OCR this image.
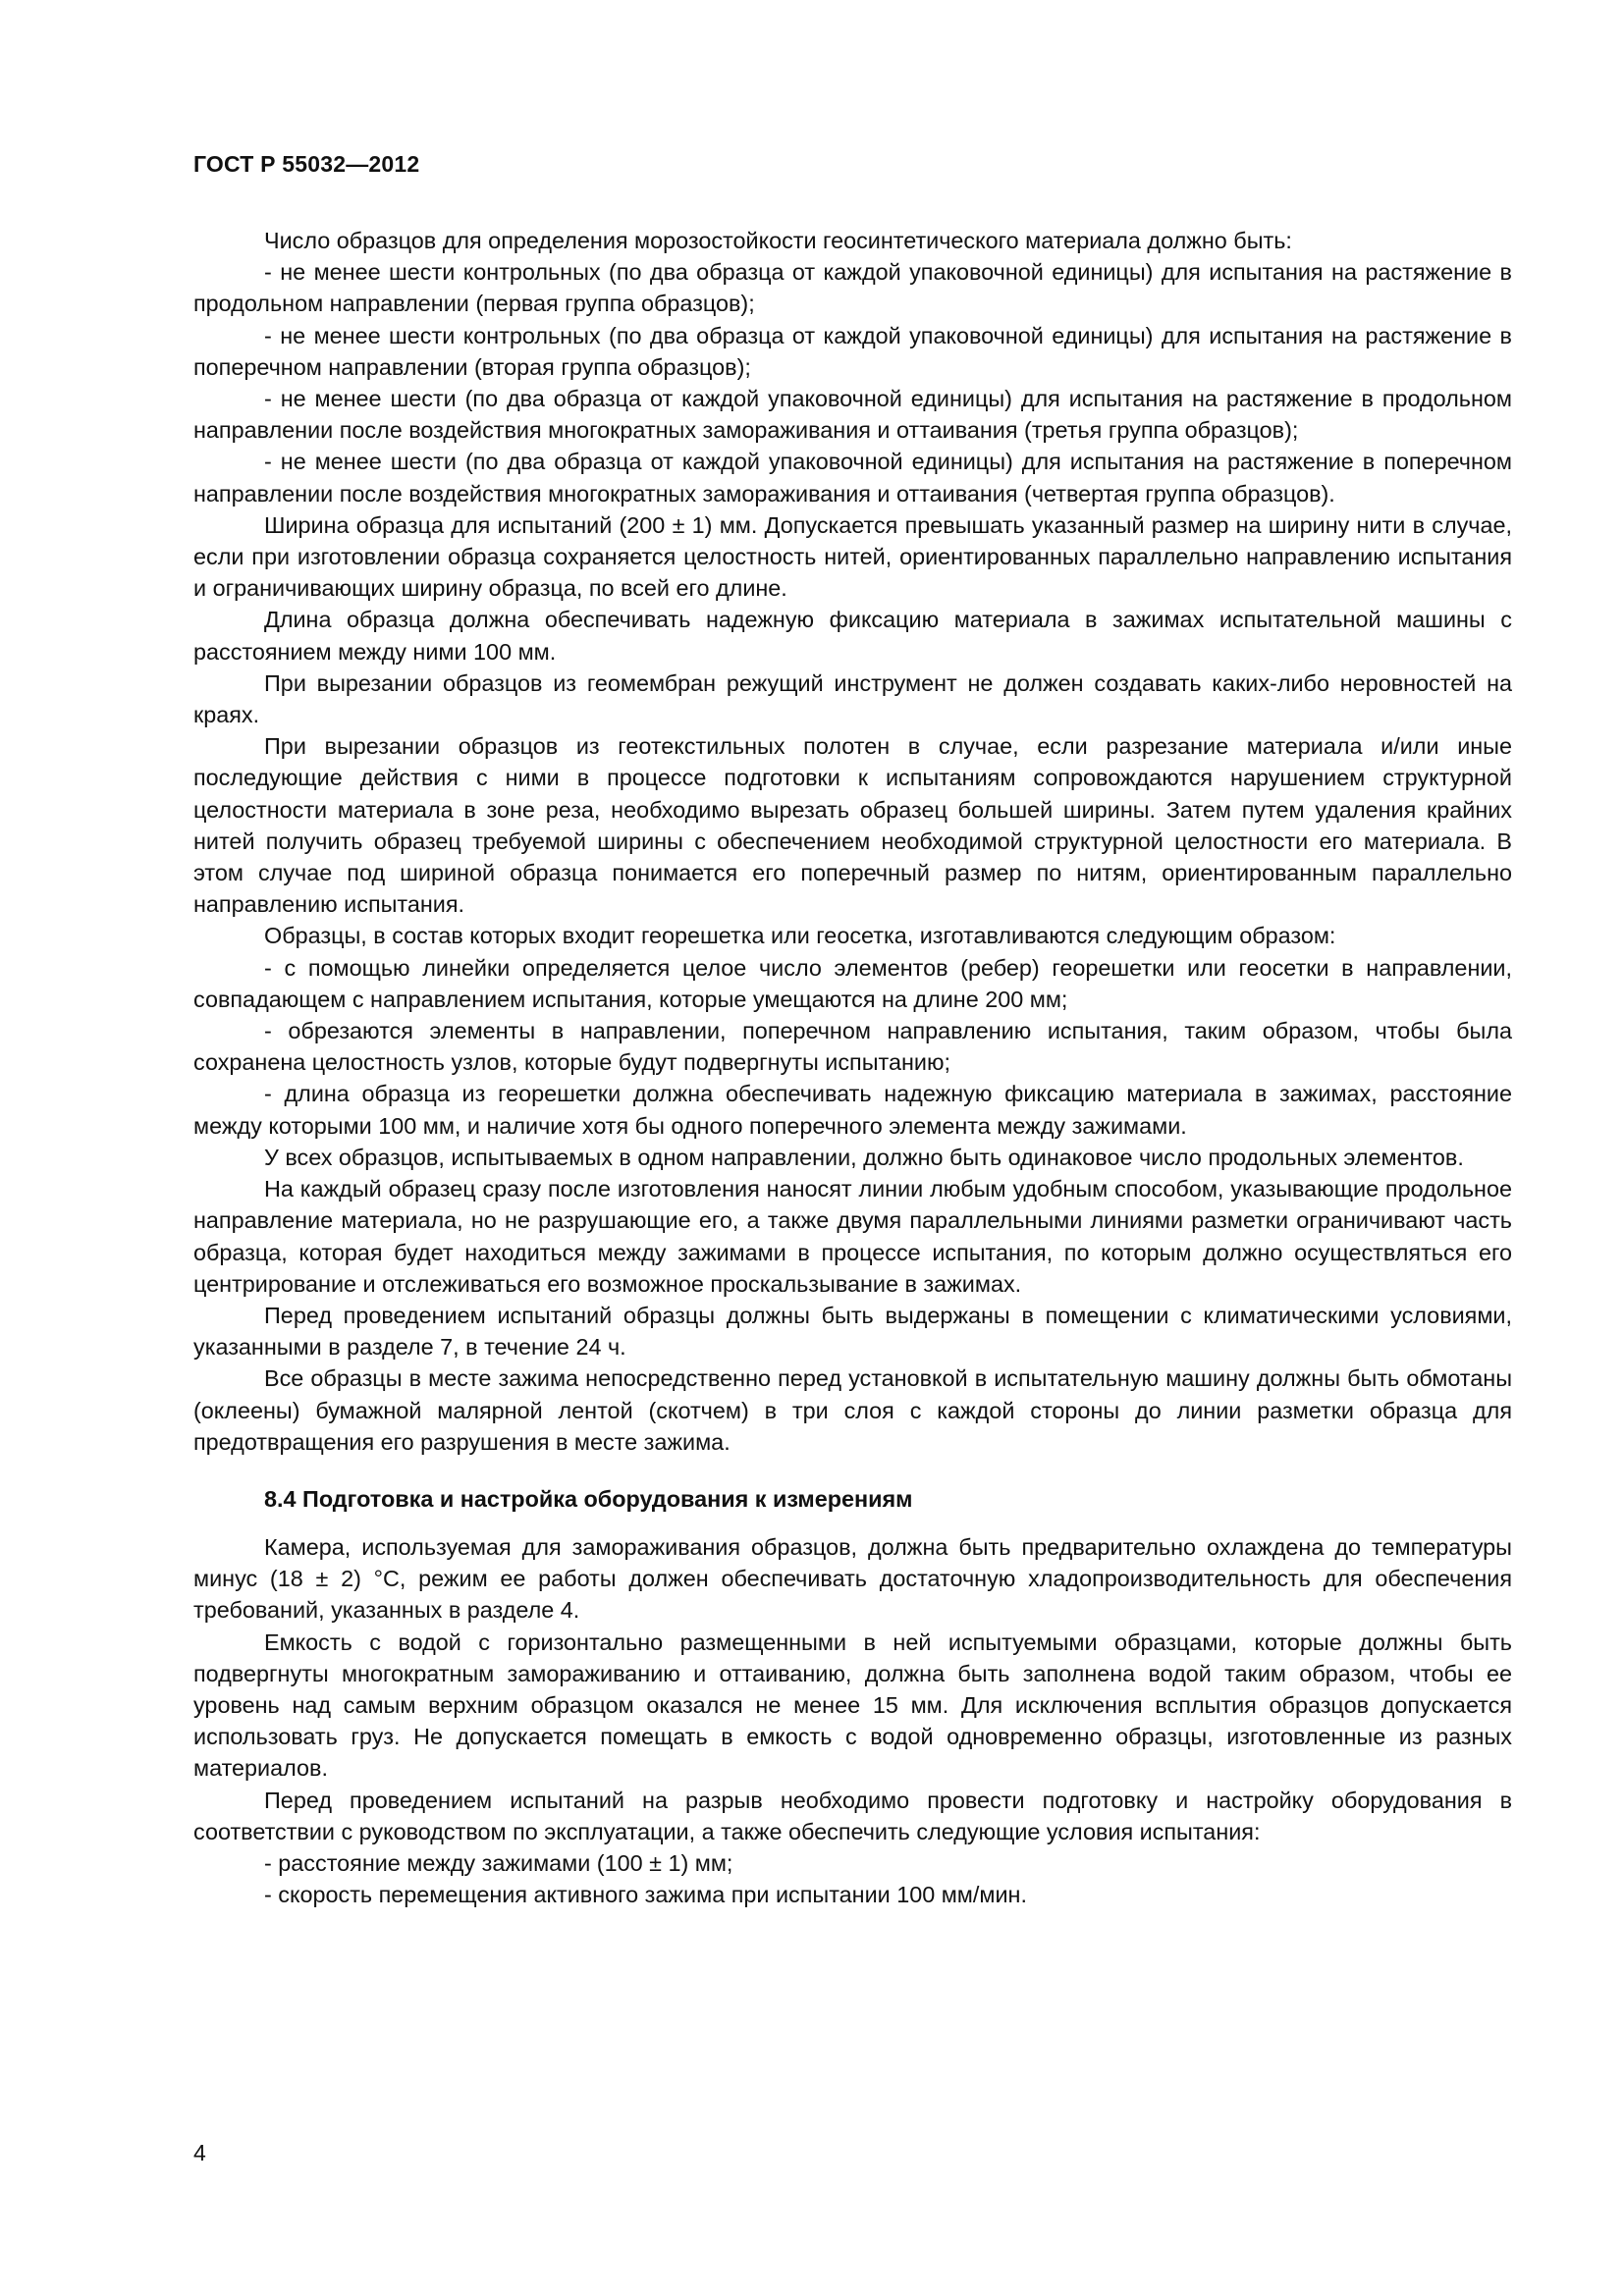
ГОСТ Р 55032—2012

Число образцов для определения морозостойкости геосинтетического материала должно быть:

- не менее шести контрольных (по два образца от каждой упаковочной единицы) для испытания на растяжение в продольном направлении (первая группа образцов);

- не менее шести контрольных (по два образца от каждой упаковочной единицы) для испытания на растяжение в поперечном направлении (вторая группа образцов);

- не менее шести (по два образца от каждой упаковочной единицы) для испытания на растяжение в продольном направлении после воздействия многократных замораживания и оттаивания (третья группа образцов);

- не менее шести (по два образца от каждой упаковочной единицы) для испытания на растяжение в поперечном направлении после воздействия многократных замораживания и оттаивания (четвертая группа образцов).

Ширина образца для испытаний (200 ± 1) мм. Допускается превышать указанный размер на ширину нити в случае, если при изготовлении образца сохраняется целостность нитей, ориентированных параллельно направлению испытания и ограничивающих ширину образца, по всей его длине.

Длина образца должна обеспечивать надежную фиксацию материала в зажимах испытательной машины с расстоянием между ними 100 мм.

При вырезании образцов из геомембран режущий инструмент не должен создавать каких-либо неровностей на краях.

При вырезании образцов из геотекстильных полотен в случае, если разрезание материала и/или иные последующие действия с ними в процессе подготовки к испытаниям сопровождаются нарушением структурной целостности материала в зоне реза, необходимо вырезать образец большей ширины. Затем путем удаления крайних нитей получить образец требуемой ширины с обеспечением необходимой структурной целостности его материала. В этом случае под шириной образца понимается его поперечный размер по нитям, ориентированным параллельно направлению испытания.

Образцы, в состав которых входит георешетка или геосетка, изготавливаются следующим образом:

- с помощью линейки определяется целое число элементов (ребер) георешетки или геосетки в направлении, совпадающем с направлением испытания, которые умещаются на длине 200 мм;

- обрезаются элементы в направлении, поперечном направлению испытания, таким образом, чтобы была сохранена целостность узлов, которые будут подвергнуты испытанию;

- длина образца из георешетки должна обеспечивать надежную фиксацию материала в зажимах, расстояние между которыми 100 мм, и наличие хотя бы одного поперечного элемента между зажимами.

У всех образцов, испытываемых в одном направлении, должно быть одинаковое число продольных элементов.

На каждый образец сразу после изготовления наносят линии любым удобным способом, указывающие продольное направление материала, но не разрушающие его, а также двумя параллельными линиями разметки ограничивают часть образца, которая будет находиться между зажимами в процессе испытания, по которым должно осуществляться его центрирование и отслеживаться его возможное проскальзывание в зажимах.

Перед проведением испытаний образцы должны быть выдержаны в помещении с климатическими условиями, указанными в разделе 7, в течение 24 ч.

Все образцы в месте зажима непосредственно перед установкой в испытательную машину должны быть обмотаны (оклеены) бумажной малярной лентой (скотчем) в три слоя с каждой стороны до линии разметки образца для предотвращения его разрушения в месте зажима.

8.4 Подготовка и настройка оборудования к измерениям

Камера, используемая для замораживания образцов, должна быть предварительно охлаждена до температуры минус (18 ± 2) °С, режим ее работы должен обеспечивать достаточную хладопроизводительность для обеспечения требований, указанных в разделе 4.

Емкость с водой с горизонтально размещенными в ней испытуемыми образцами, которые должны быть подвергнуты многократным замораживанию и оттаиванию, должна быть заполнена водой таким образом, чтобы ее уровень над самым верхним образцом оказался не менее 15 мм. Для исключения всплытия образцов допускается использовать груз. Не допускается помещать в емкость с водой одновременно образцы, изготовленные из разных материалов.

Перед проведением испытаний на разрыв необходимо провести подготовку и настройку оборудования в соответствии с руководством по эксплуатации, а также обеспечить следующие условия испытания:

- расстояние между зажимами (100 ± 1) мм;

- скорость перемещения активного зажима при испытании 100 мм/мин.

4
